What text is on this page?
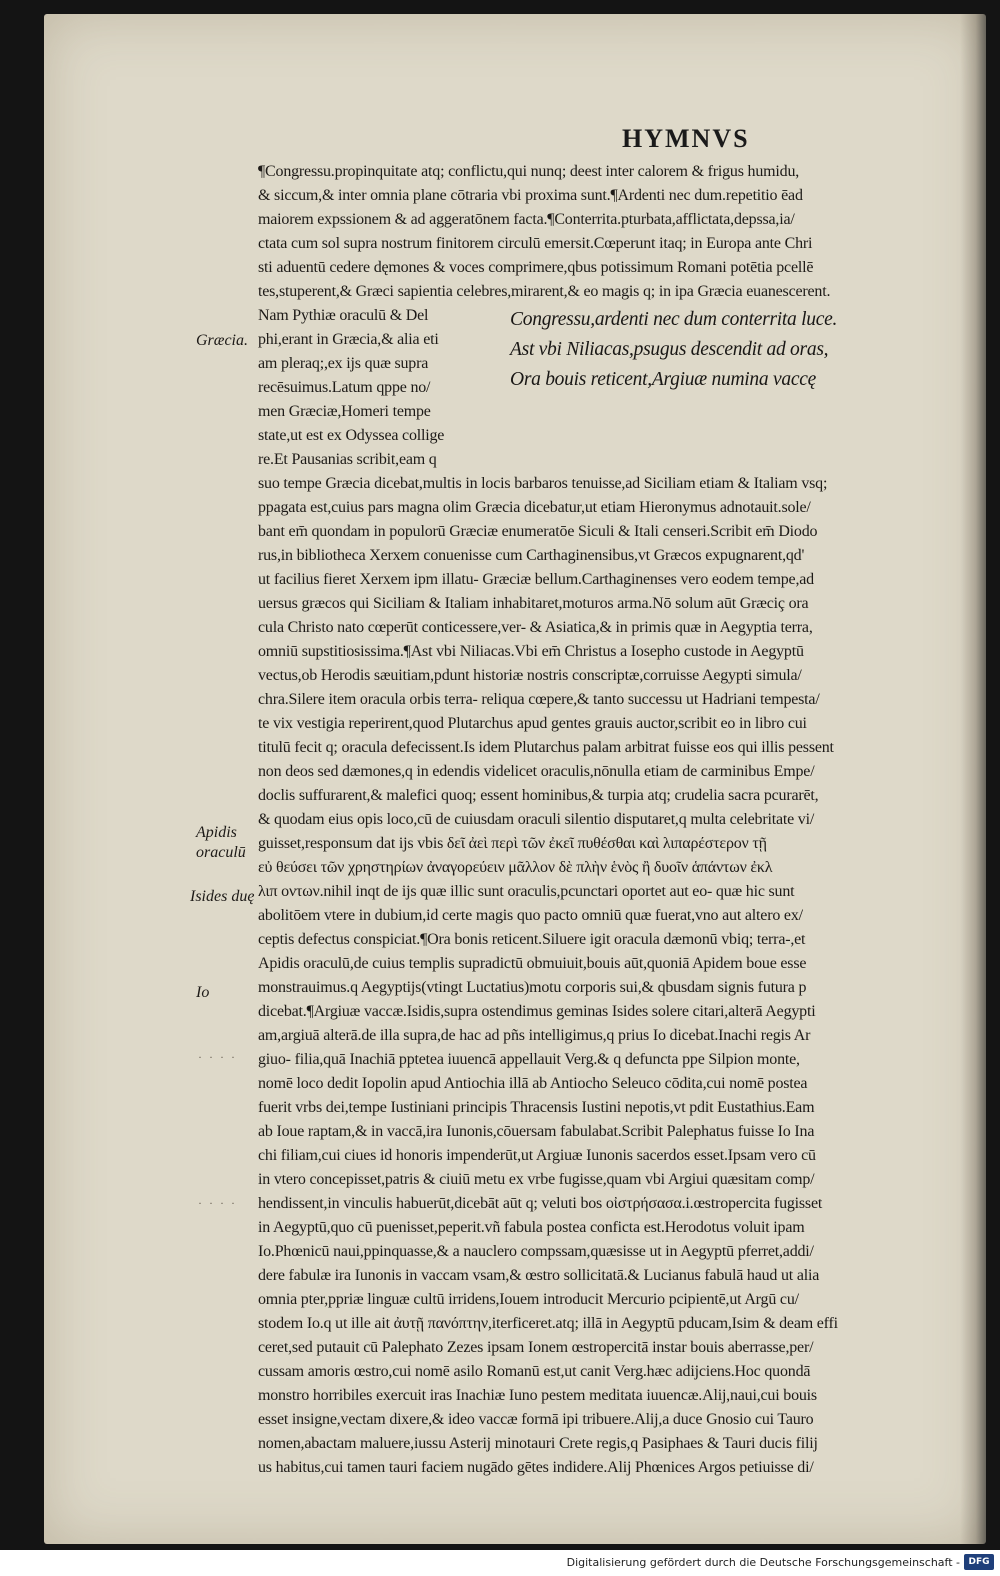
HYMNVS

¶Congressu.propinquitate atq; conflictu,qui nunq; deest inter calorem & frigus humidu,

& siccum,& inter omnia plane cōtraria vbi proxima sunt.¶Ardenti nec dum.repetitio ēad

maiorem expssionem & ad aggeratōnem facta.¶Conterrita.pturbata,afflictata,depssa,ia/

ctata cum sol supra nostrum finitorem circulū emersit.Cœperunt itaq; in Europa ante Chri

sti aduentū cedere dęmones & voces comprimere,qbus potissimum Romani potētia pcellē

tes,stuperent,& Græci sapientia celebres,mirarent,& eo magis q; in ipa Græcia euanescerent.

Nam Pythiæ oraculū & Del

phi,erant in Græcia,& alia eti

am pleraq;,ex ijs quæ supra

recēsuimus.Latum qppe no/

men Græciæ,Homeri tempe

state,ut est ex Odyssea collige

re.Et Pausanias scribit,eam q

Congressu,ardenti nec dum conterrita luce.

Ast vbi Niliacas,psugus descendit ad oras,

Ora bouis reticent,Argiuæ numina vaccę

suo tempe Græcia dicebat,multis in locis barbaros tenuisse,ad Siciliam etiam & Italiam vsq;

ppagata est,cuius pars magna olim Græcia dicebatur,ut etiam Hieronymus adnotauit.sole/

bant em̄ quondam in populorū Græciæ enumeratōe Siculi & Itali censeri.Scribit em̄ Diodo

rus,in bibliotheca Xerxem conuenisse cum Carthaginensibus,vt Græcos expugnarent,qd'

ut facilius fieret Xerxem ipm illatu- Græciæ bellum.Carthaginenses vero eodem tempe,ad

uersus græcos qui Siciliam & Italiam inhabitaret,moturos arma.Nō solum aūt Græciç ora

cula Christo nato cœperūt conticessere,ver- & Asiatica,& in primis quæ in Aegyptia terra,

omniū supstitiosissima.¶Ast vbi Niliacas.Vbi em̄ Christus a Iosepho custode in Aegyptū

vectus,ob Herodis sæuitiam,pdunt historiæ nostris conscriptæ,corruisse Aegypti simula/

chra.Silere item oracula orbis terra- reliqua cœpere,& tanto successu ut Hadriani tempesta/

te vix vestigia reperirent,quod Plutarchus apud gentes grauis auctor,scribit eo in libro cui

titulū fecit q; oracula defecissent.Is idem Plutarchus palam arbitrat fuisse eos qui illis pessent

non deos sed dæmones,q in edendis videlicet oraculis,nōnulla etiam de carminibus Empe/

doclis suffurarent,& malefici quoq; essent hominibus,& turpia atq; crudelia sacra pcurarēt,

& quodam eius opis loco,cū de cuiusdam oraculi silentio disputaret,q multa celebritate vi/

guisset,responsum dat ijs vbis δεῖ ἀεὶ περὶ τῶν ἐκεῖ πυθέσθαι καὶ λιπαρέστερον τῇ

εὐ θεύσει τῶν χρηστηρίων ἀναγορεύειν μᾶλλον δὲ πλὴν ἑνὸς ἢ δυοῖν ἁπάντων ἐκλ

λιπ οντων.nihil inqt de ijs quæ illic sunt oraculis,pcunctari oportet aut eo- quæ hic sunt

abolitōem vtere in dubium,id certe magis quo pacto omniū quæ fuerat,vno aut altero ex/

ceptis defectus conspiciat.¶Ora bonis reticent.Siluere igit oracula dæmonū vbiq; terra-,et

Apidis oraculū,de cuius templis supradictū obmuiuit,bouis aūt,quoniā Apidem boue esse

monstrauimus.q Aegyptijs(vtingt Luctatius)motu corporis sui,& qbusdam signis futura p

dicebat.¶Argiuæ vaccæ.Isidis,supra ostendimus geminas Isides solere citari,alterā Aegypti

am,argiuā alterā.de illa supra,de hac ad pñs intelligimus,q prius Io dicebat.Inachi regis Ar

giuo- filia,quā Inachiā pptetea iuuencā appellauit Verg.& q defuncta ppe Silpion monte,

nomē loco dedit Iopolin apud Antiochia illā ab Antiocho Seleuco cōdita,cui nomē postea

fuerit vrbs dei,tempe Iustiniani principis Thracensis Iustini nepotis,vt pdit Eustathius.Eam

ab Ioue raptam,& in vaccā,ira Iunonis,cōuersam fabulabat.Scribit Palephatus fuisse Io Ina

chi filiam,cui ciues id honoris impenderūt,ut Argiuæ Iunonis sacerdos esset.Ipsam vero cū

in vtero concepisset,patris & ciuiū metu ex vrbe fugisse,quam vbi Argiui quæsitam comp/

hendissent,in vinculis habuerūt,dicebāt aūt q; veluti bos οἰστρήσασα.i.œstropercita fugisset

in Aegyptū,quo cū puenisset,peperit.vñ fabula postea conficta est.Herodotus voluit ipam

Io.Phœnicū naui,ppinquasse,& a nauclero compssam,quæsisse ut in Aegyptū pferret,addi/

dere fabulæ ira Iunonis in vaccam vsam,& œstro sollicitatā.& Lucianus fabulā haud ut alia

omnia pter,ppriæ linguæ cultū irridens,Iouem introducit Mercurio pcipientē,ut Argū cu/

stodem Io.q ut ille ait ἀυτῇ πανόπτην,iterficeret.atq; illā in Aegyptū pducam,Isim & deam effi

ceret,sed putauit cū Palephato Zezes ipsam Ionem œstropercitā instar bouis aberrasse,per/

cussam amoris œstro,cui nomē asilo Romanū est,ut canit Verg.hæc adijciens.Hoc quondā

monstro horribiles exercuit iras Inachiæ Iuno pestem meditata iuuencæ.Alij,naui,cui bouis

esset insigne,vectam dixere,& ideo vaccæ formā ipi tribuere.Alij,a duce Gnosio cui Tauro

nomen,abactam maluere,iussu Asterij minotauri Crete regis,q Pasiphaes & Tauri ducis filij

us habitus,cui tamen tauri faciem nugādo gētes indidere.Alij Phœnices Argos petiuisse di/

Græcia.

Apidis

oraculū

Isides duę

Io

· · · ·
· · · ·

Digitalisierung gefördert durch die Deutsche Forschungsgemeinschaft - DFG
